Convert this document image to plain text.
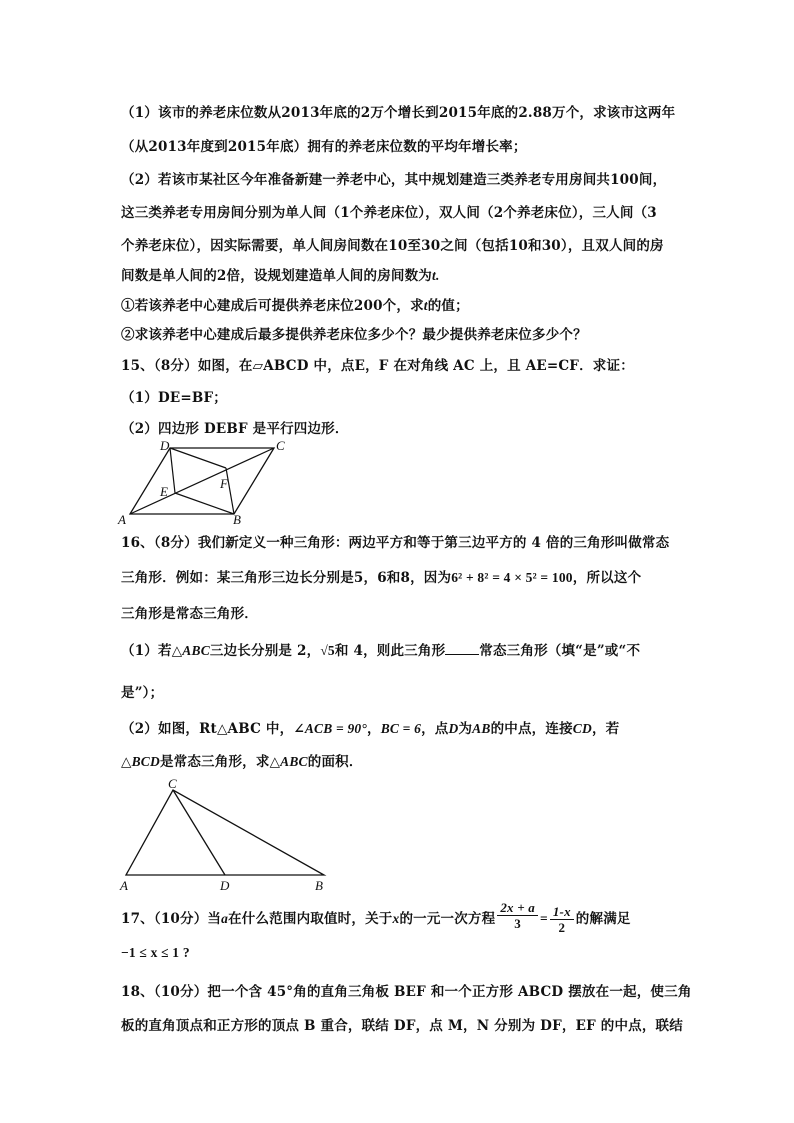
（1）该市的养老床位数从2013年底的2万个增长到2015年底的2.88万个，求该市这两年
（从2013年度到2015年底）拥有的养老床位数的平均年增长率；
（2）若该市某社区今年准备新建一养老中心，其中规划建造三类养老专用房间共100间，
这三类养老专用房间分别为单人间（1个养老床位），双人间（2个养老床位），三人间（3
个养老床位），因实际需要，单人间房间数在10至30之间（包括10和30），且双人间的房
间数是单人间的2倍，设规划建造单人间的房间数为t.
①若该养老中心建成后可提供养老床位200个，求t的值；
②求该养老中心建成后最多提供养老床位多少个？最少提供养老床位多少个？
15、（8分）如图，在▱ABCD 中，点E，F 在对角线 AC 上，且 AE=CF．求证：
（1）DE=BF；
（2）四边形 DEBF 是平行四边形．
A	B
C
D
E
F
16、（8分）我们新定义一种三角形：两边平方和等于第三边平方的 4 倍的三角形叫做常态
三角形．例如：某三角形三边长分别是5，6和8，因为6² + 8² = 4 × 5² = 100，所以这个
三角形是常态三角形．
（1）若△ABC三边长分别是 2，√5和 4，则此三角形	常态三角形（填“是”或“不
是”）；
（2）如图，Rt△ABC 中，∠ACB = 90°，BC = 6，点D为AB的中点，连接CD，若
△BCD是常态三角形，求△ABC的面积．
C
A	D	B
17、（10分）当a在什么范围内取值时，关于x的一元一次方程 $\frac{2x + a}{3} = \frac{1-x}{2}$ 的解满足
−1 ≤ x ≤ 1 ?
18、（10分）把一个含 45°角的直角三角板 BEF 和一个正方形 ABCD 摆放在一起，使三角
板的直角顶点和正方形的顶点 B 重合，联结 DF，点 M，N 分别为 DF，EF 的中点，联结
